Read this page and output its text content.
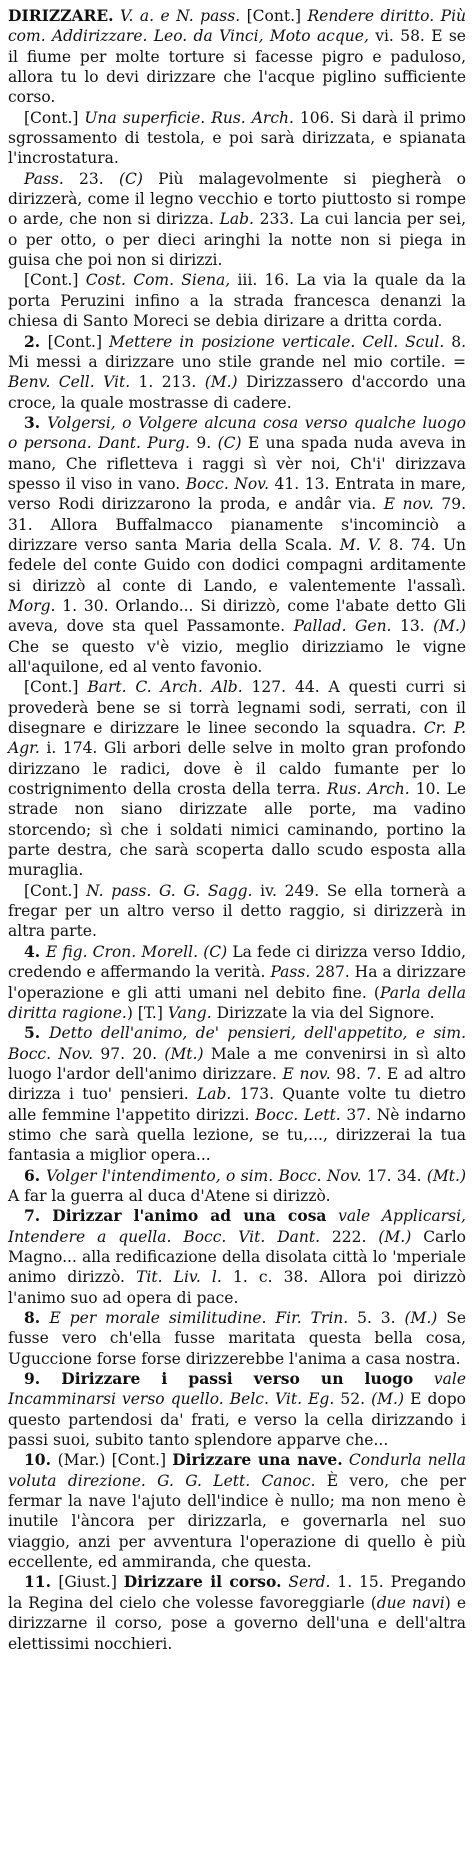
DIRIZZARE. V. a. e N. pass. [Cont.] Rendere diritto. Più com. Addirizzare. Leo. da Vinci, Moto acque, vi. 58. E se il fiume per molte torture si facesse pigro e paduloso, allora tu lo devi dirizzare che l'acque piglino sufficiente corso.

[Cont.] Una superficie. Rus. Arch. 106. Si darà il primo sgrossamento di testola, e poi sarà dirizzata, e spianata l'incrostatura.

Pass. 23. (C) Più malagevolmente si piegherà o dirizzerà, come il legno vecchio e torto piuttosto si rompe o arde, che non si dirizza. Lab. 233. La cui lancia per sei, o per otto, o per dieci aringhi la notte non si piega in guisa che poi non si dirizzi.

[Cont.] Cost. Com. Siena, iii. 16. La via la quale da la porta Peruzini infino a la strada francesca denanzi la chiesa di Santo Moreci se debia dirizare a dritta corda.

2. [Cont.] Mettere in posizione verticale. Cell. Scul. 8. Mi messi a dirizzare uno stile grande nel mio cortile. = Benv. Cell. Vit. 1. 213. (M.) Dirizzassero d'accordo una croce, la quale mostrasse di cadere.

3. Volgersi, o Volgere alcuna cosa verso qualche luogo o persona. Dant. Purg. 9. (C) E una spada nuda aveva in mano, Che rifletteva i raggi sì vèr noi, Ch'i' dirizzava spesso il viso in vano. Bocc. Nov. 41. 13. Entrata in mare, verso Rodi dirizzarono la proda, e andâr via. E nov. 79. 31. Allora Buffalmacco pianamente s'incominciò a dirizzare verso santa Maria della Scala. M. V. 8. 74. Un fedele del conte Guido con dodici compagni arditamente si dirizzò al conte di Lando, e valentemente l'assalì. Morg. 1. 30. Orlando... Si dirizzò, come l'abate detto Gli aveva, dove sta quel Passamonte. Pallad. Gen. 13. (M.) Che se questo v'è vizio, meglio dirizziamo le vigne all'aquilone, ed al vento favonio.

[Cont.] Bart. C. Arch. Alb. 127. 44. A questi curri si provederà bene se si torrà legnami sodi, serrati, con il disegnare e dirizzare le linee secondo la squadra. Cr. P. Agr. i. 174. Gli arbori delle selve in molto gran profondo dirizzano le radici, dove è il caldo fumante per lo costrignimento della crosta della terra. Rus. Arch. 10. Le strade non siano dirizzate alle porte, ma vadino storcendo; sì che i soldati nimici caminando, portino la parte destra, che sarà scoperta dallo scudo esposta alla muraglia.

[Cont.] N. pass. G. G. Sagg. iv. 249. Se ella tornerà a fregar per un altro verso il detto raggio, si dirizzerà in altra parte.

4. E fig. Cron. Morell. (C) La fede ci dirizza verso Iddio, credendo e affermando la verità. Pass. 287. Ha a dirizzare l'operazione e gli atti umani nel debito fine. (Parla della diritta ragione.) [T.] Vang. Dirizzate la via del Signore.

5. Detto dell'animo, de' pensieri, dell'appetito, e sim. Bocc. Nov. 97. 20. (Mt.) Male a me convenirsi in sì alto luogo l'ardor dell'animo dirizzare. E nov. 98. 7. E ad altro dirizza i tuo' pensieri. Lab. 173. Quante volte tu dietro alle femmine l'appetito dirizzi. Bocc. Lett. 37. Nè indarno stimo che sarà quella lezione, se tu,..., dirizzerai la tua fantasia a miglior opera...

6. Volger l'intendimento, o sim. Bocc. Nov. 17. 34. (Mt.) A far la guerra al duca d'Atene si dirizzò.

7. Dirizzar l'animo ad una cosa vale Applicarsi, Intendere a quella. Bocc. Vit. Dant. 222. (M.) Carlo Magno... alla redificazione della disolata città lo 'mperiale animo dirizzò. Tit. Liv. l. 1. c. 38. Allora poi dirizzò l'animo suo ad opera di pace.

8. E per morale similitudine. Fir. Trin. 5. 3. (M.) Se fusse vero ch'ella fusse maritata questa bella cosa, Uguccione forse forse dirizzerebbe l'anima a casa nostra.

9. Dirizzare i passi verso un luogo vale Incamminarsi verso quello. Belc. Vit. Eg. 52. (M.) E dopo questo partendosi da' frati, e verso la cella dirizzando i passi suoi, subito tanto splendore apparve che...

10. (Mar.) [Cont.] Dirizzare una nave. Condurla nella voluta direzione. G. G. Lett. Canoc. È vero, che per fermar la nave l'ajuto dell'indice è nullo; ma non meno è inutile l'àncora per dirizzarla, e governarla nel suo viaggio, anzi per avventura l'operazione di quello è più eccellente, ed ammiranda, che questa.

11. [Giust.] Dirizzare il corso. Serd. 1. 15. Pregando la Regina del cielo che volesse favoreggiarle (due navi) e dirizzarne il corso, pose a governo dell'una e dell'altra elettissimi nocchieri.
